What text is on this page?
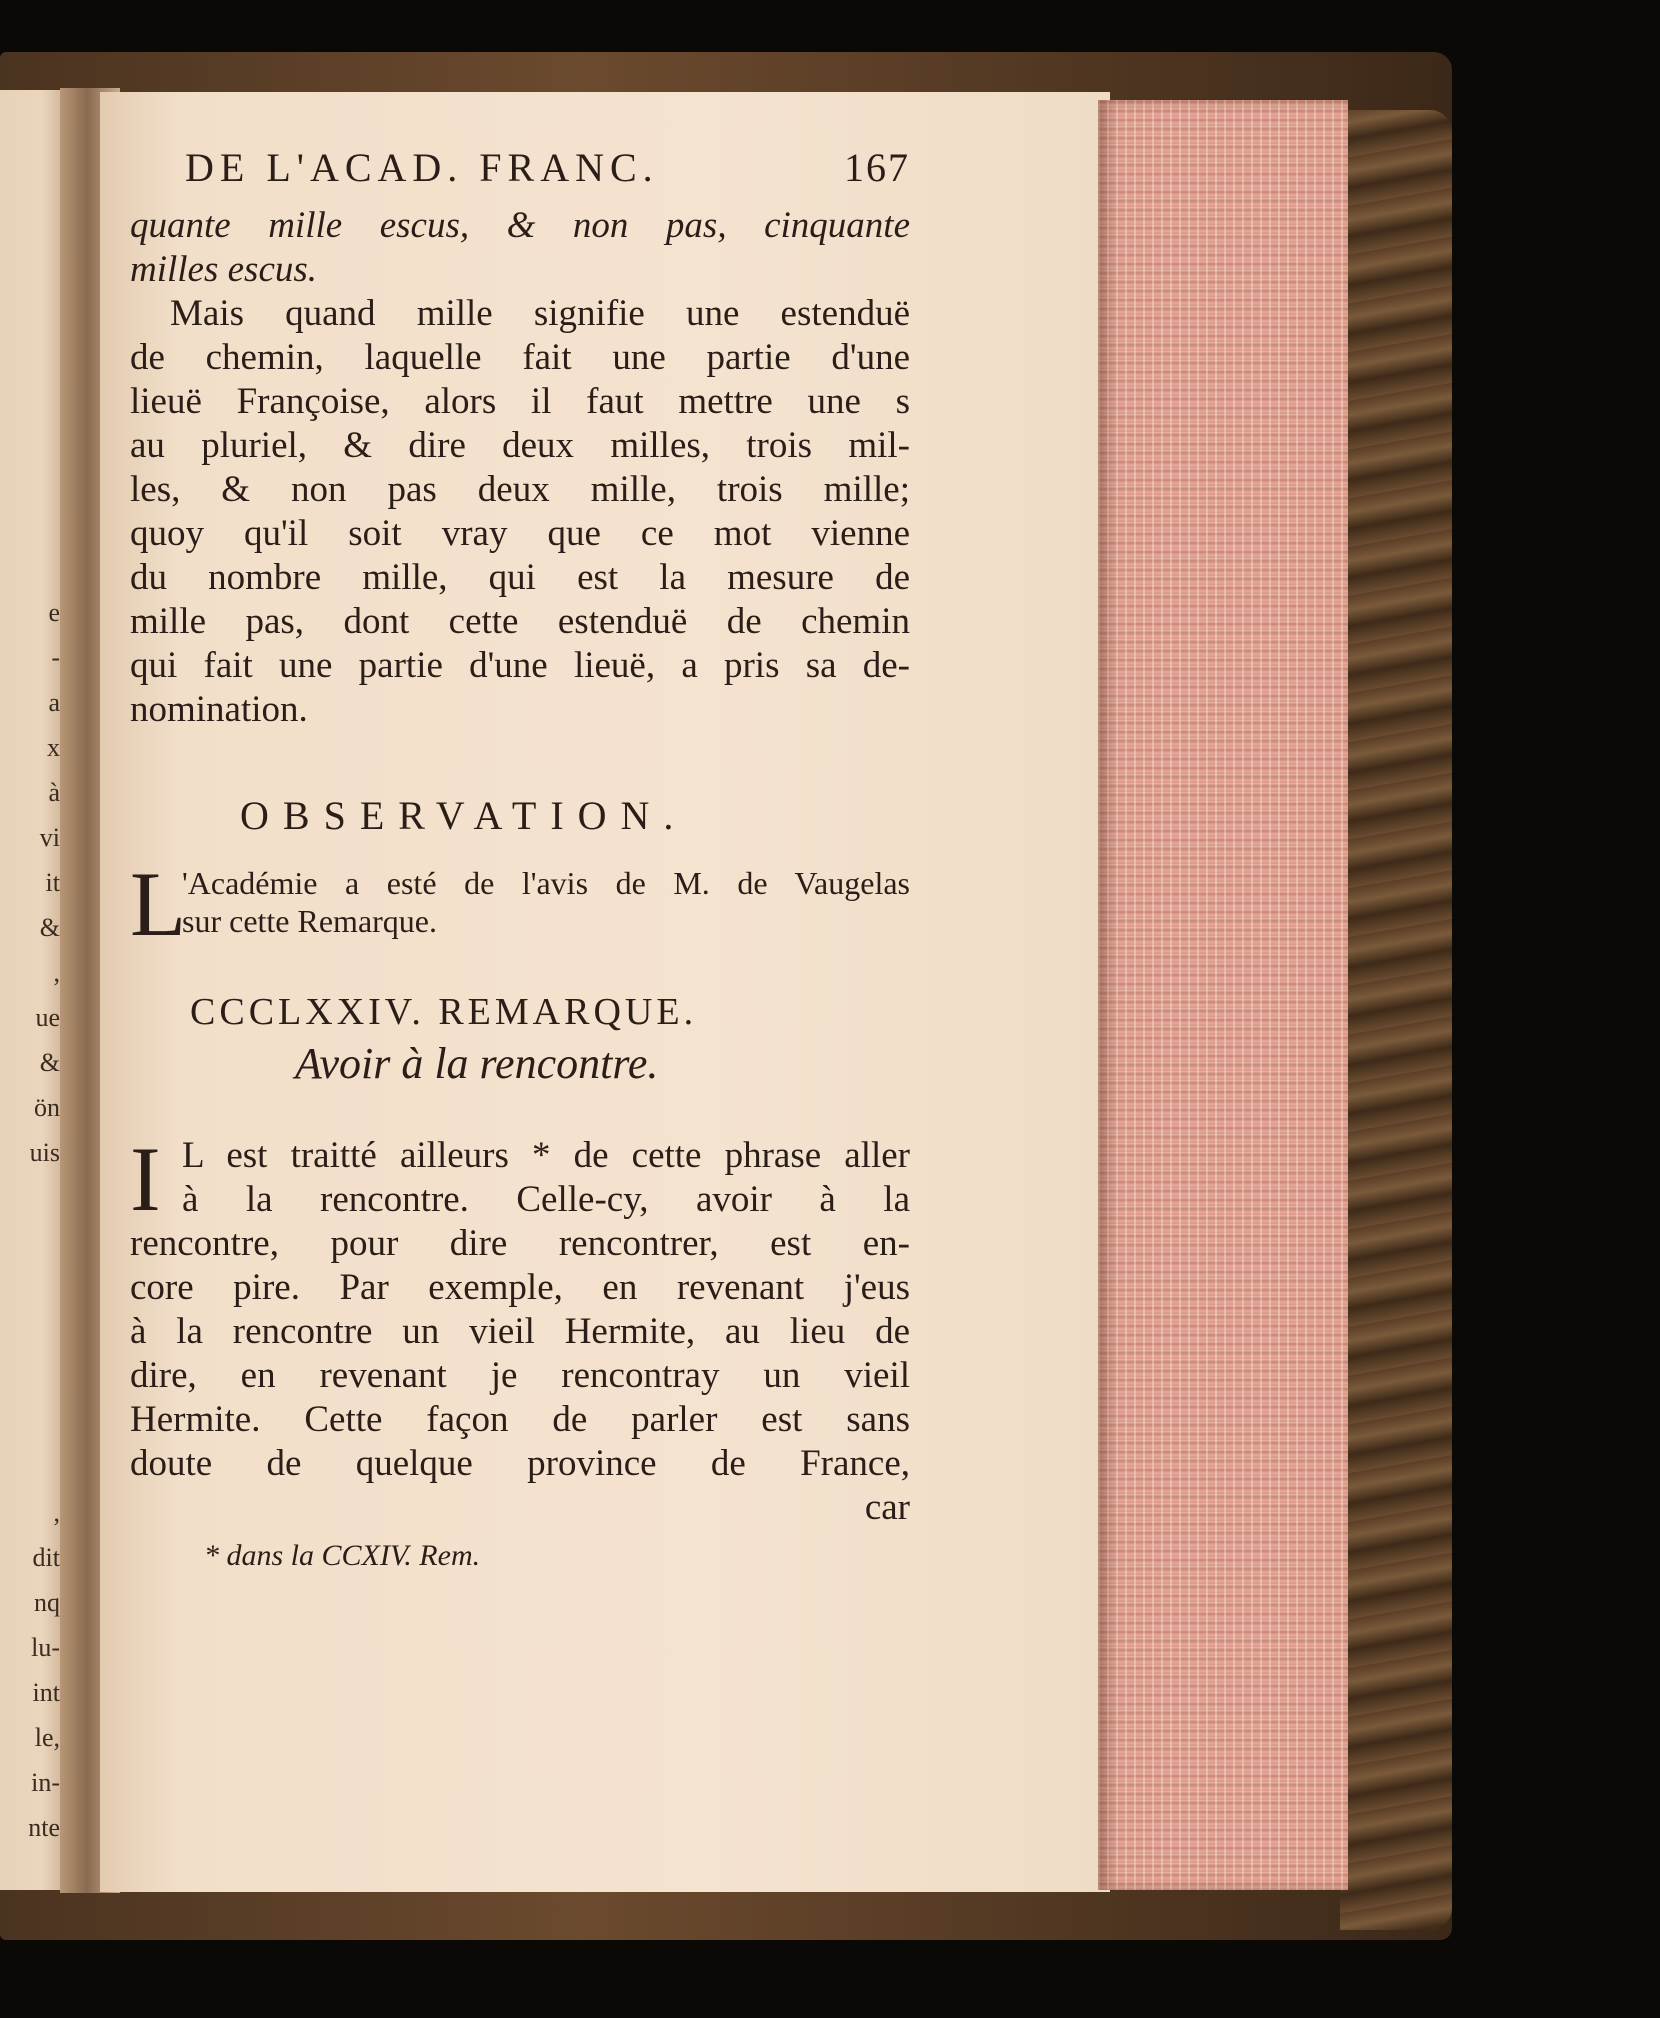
e
-
a
x
à
vi
it
&
,
ue
&
ön
uis

,
dit
nq
lu-
int
le,
in-
nte
DE L'ACAD. FRANC.	167
quante mille escus, & non pas, cinquante
milles escus.
Mais quand mille signifie une estenduë
de chemin, laquelle fait une partie d'une
lieuë Françoise, alors il faut mettre une s
au pluriel, & dire deux milles, trois mil-
les, & non pas deux mille, trois mille;
quoy qu'il soit vray que ce mot vienne
du nombre mille, qui est la mesure de
mille pas, dont cette estenduë de chemin
qui fait une partie d'une lieuë, a pris sa de-
nomination.
OBSERVATION.
L
'Académie a esté de l'avis de M. de Vaugelas
sur cette Remarque.
CCCLXXIV. REMARQUE.
Avoir à la rencontre.
I L est traitté ailleurs * de cette phrase aller
à la rencontre. Celle-cy, avoir à la
rencontre, pour dire rencontrer, est en-
core pire. Par exemple, en revenant j'eus
à la rencontre un vieil Hermite, au lieu de
dire, en revenant je rencontray un vieil
Hermite. Cette façon de parler est sans
doute de quelque province de France,
car
* dans la CCXIV. Rem.
